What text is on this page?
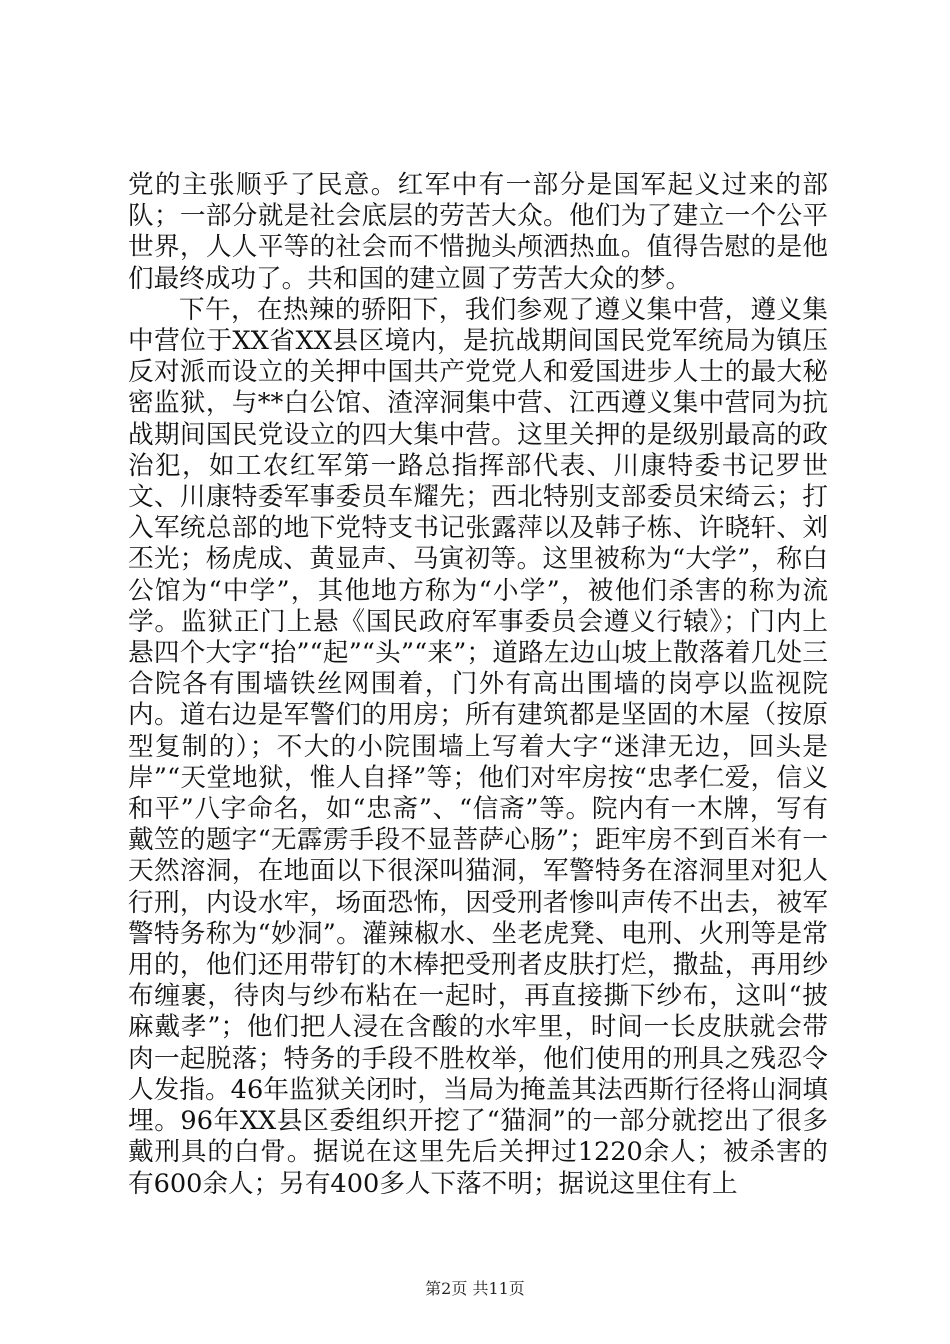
党的主张顺乎了民意。红军中有一部分是国军起义过来的部队；一部分就是社会底层的劳苦大众。他们为了建立一个公平世界，人人平等的社会而不惜抛头颅洒热血。值得告慰的是他们最终成功了。共和国的建立圆了劳苦大众的梦。

下午，在热辣的骄阳下，我们参观了遵义集中营，遵义集中营位于XX省XX县区境内，是抗战期间国民党军统局为镇压反对派而设立的关押中国共产党党人和爱国进步人士的最大秘密监狱，与**白公馆、渣滓洞集中营、江西遵义集中营同为抗战期间国民党设立的四大集中营。这里关押的是级别最高的政治犯，如工农红军第一路总指挥部代表、川康特委书记罗世文、川康特委军事委员车耀先；西北特别支部委员宋绮云；打入军统总部的地下党特支书记张露萍以及韩子栋、许晓轩、刘丕光；杨虎成、黄显声、马寅初等。这里被称为“大学”，称白公馆为“中学”，其他地方称为“小学”，被他们杀害的称为流学。监狱正门上悬《国民政府军事委员会遵义行辕》；门内上悬四个大字“抬”“起”“头”“来”；道路左边山坡上散落着几处三合院各有围墙铁丝网围着，门外有高出围墙的岗亭以监视院内。道右边是军警们的用房；所有建筑都是坚固的木屋（按原型复制的）；不大的小院围墙上写着大字“迷津无边，回头是岸”“天堂地狱，惟人自择”等；他们对牢房按“忠孝仁爱，信义和平”八字命名，如“忠斋”、“信斋”等。院内有一木牌，写有戴笠的题字“无霹雳手段不显菩萨心肠”；距牢房不到百米有一天然溶洞，在地面以下很深叫猫洞，军警特务在溶洞里对犯人行刑，内设水牢，场面恐怖，因受刑者惨叫声传不出去，被军警特务称为“妙洞”。灌辣椒水、坐老虎凳、电刑、火刑等是常用的，他们还用带钉的木棒把受刑者皮肤打烂，撒盐，再用纱布缠裹，待肉与纱布粘在一起时，再直接撕下纱布，这叫“披麻戴孝”；他们把人浸在含酸的水牢里，时间一长皮肤就会带肉一起脱落；特务的手段不胜枚举，他们使用的刑具之残忍令人发指。46年监狱关闭时，当局为掩盖其法西斯行径将山洞填埋。96年XX县区委组织开挖了“猫洞”的一部分就挖出了很多戴刑具的白骨。据说在这里先后关押过1220余人；被杀害的有600余人；另有400多人下落不明；据说这里住有上

第2页 共11页
